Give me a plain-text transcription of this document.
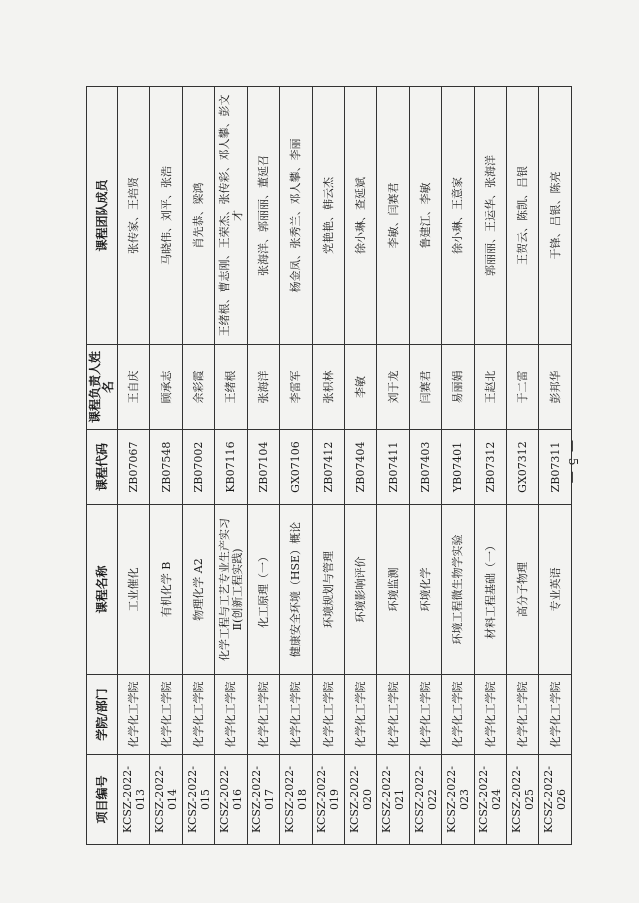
— 5 —
项目编号	学院/部门	课程名称	课程代码	课程负责人姓名	课程团队成员
KCSZ-2022-013	化学化工学院	工业催化	ZB07067	王自庆	张传家、王培贤
KCSZ-2022-014	化学化工学院	有机化学 B	ZB07548	顾承志	马晓伟、刘平、张浩
KCSZ-2022-015	化学化工学院	物理化学 A2	ZB07002	余彩霞	肖先恭、梁鸿
KCSZ-2022-016	化学化工学院	化学工程与工艺专业生产实习Ⅱ(创新工程实践)	KB07116	王绪根	王绪根、曹志刚、王荣杰、张传彩、邓人攀、彭文才
KCSZ-2022-017	化学化工学院	化工原理（一）	ZB07104	张海洋	张海洋、郭丽丽、董延召
KCSZ-2022-018	化学化工学院	健康安全环境（HSE）概论	GX07106	李雷军	杨金凤、张秀兰、邓人攀、李丽
KCSZ-2022-019	化学化工学院	环境规划与管理	ZB07412	张枳林	党艳艳、韩云杰
KCSZ-2022-020	化学化工学院	环境影响评价	ZB07404	李敏	徐小琳、查延斌
KCSZ-2022-021	化学化工学院	环境监测	ZB07411	刘于龙	李敏、闫赛君
KCSZ-2022-022	化学化工学院	环境化学	ZB07403	闫赛君	鲁建江、李敏
KCSZ-2022-023	化学化工学院	环境工程微生物学实验	YB07401	易丽娟	徐小琳、王意家
KCSZ-2022-024	化学化工学院	材料工程基础（一）	ZB07312	王赵北	郭丽丽、王运华、张海洋
KCSZ-2022-025	化学化工学院	高分子物理	GX07312	于二雷	王贺云、陈凯、吕银
KCSZ-2022-026	化学化工学院	专业英语	ZB07311	彭邦华	于锋、吕银、陈亮
